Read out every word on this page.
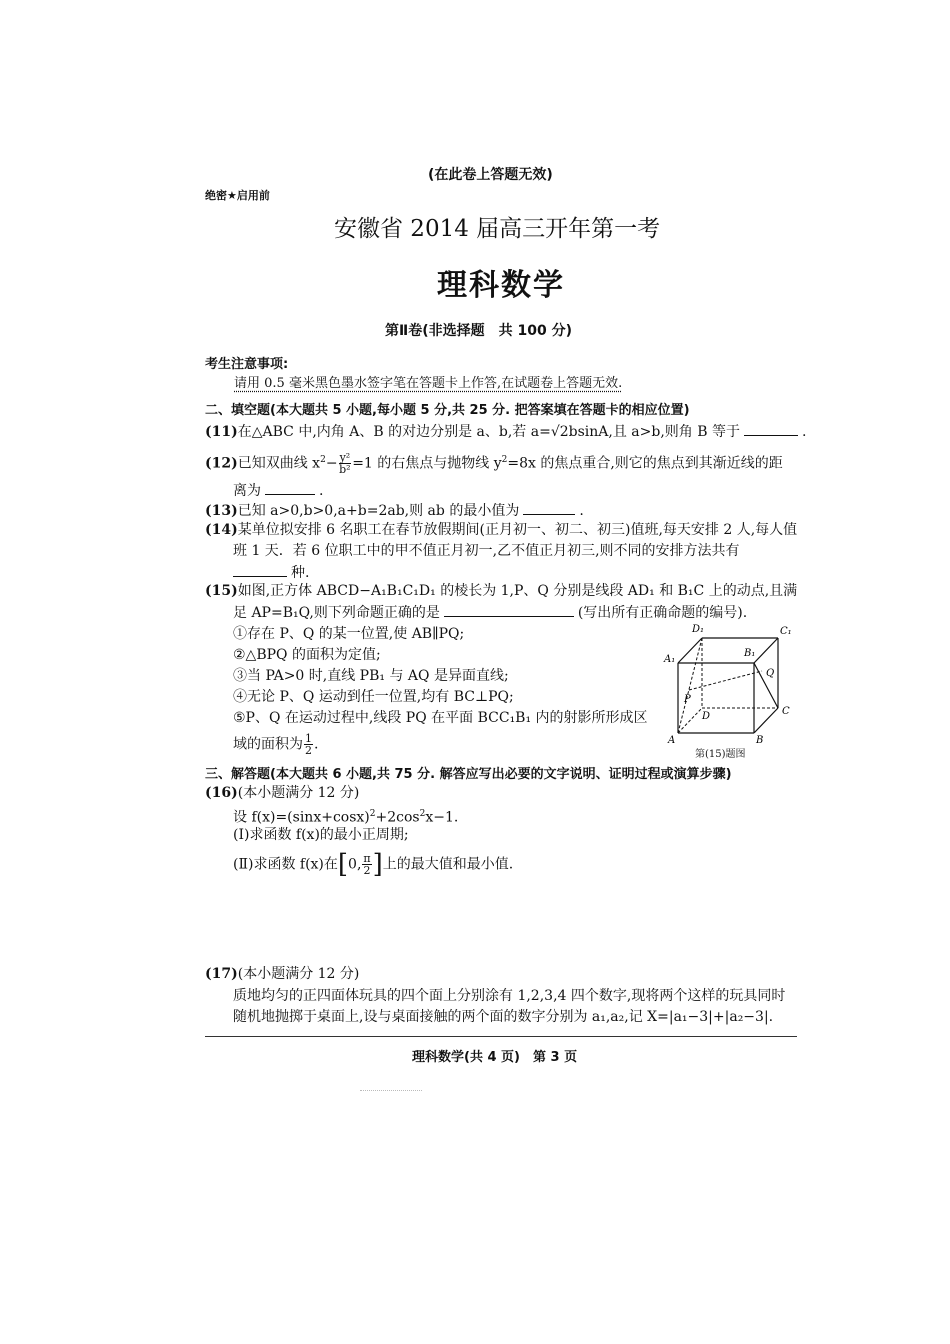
(在此卷上答题无效)
绝密★启用前
安徽省 2014 届高三开年第一考
理科数学
第Ⅱ卷(非选择题　共 100 分)
考生注意事项:
请用 0.5 毫米黑色墨水签字笔在答题卡上作答,在试题卷上答题无效.
二、填空题(本大题共 5 小题,每小题 5 分,共 25 分. 把答案填在答题卡的相应位置)
(11)在△ABC 中,内角 A、B 的对边分别是 a、b,若 a=√2bsinA,且 a>b,则角 B 等于	.
(12)已知双曲线 $x^2- \frac{\text{y²}}{\text{b²}} =1$ 的右焦点与抛物线 $y^2=8x$ 的焦点重合,则它的焦点到其渐近线的距
离为	.
(13)已知 a>0,b>0,a+b=2ab,则 ab 的最小值为	.
(14)某单位拟安排 6 名职工在春节放假期间(正月初一、初二、初三)值班,每天安排 2 人,每人值
班 1 天．若 6 位职工中的甲不值正月初一,乙不值正月初三,则不同的安排方法共有
种.
(15)如图,正方体 ABCD−A₁B₁C₁D₁ 的棱长为 1,P、Q 分别是线段 AD₁ 和 B₁C 上的动点,且满
足 AP=B₁Q,则下列命题正确的是	(写出所有正确命题的编号).
①存在 P、Q 的某一位置,使 AB∥PQ;
②△BPQ 的面积为定值;
③当 PA>0 时,直线 PB₁ 与 AQ 是异面直线;
④无论 P、Q 运动到任一位置,均有 BC⊥PQ;
⑤P、Q 在运动过程中,线段 PQ 在平面 BCC₁B₁ 内的射影所形成区
域的面积为 $\frac{1}{2}$ .
D₁	C₁
A₁
B₁
Q
P
D	C
A	B
第(15)题图
三、解答题(本大题共 6 小题,共 75 分. 解答应写出必要的文字说明、证明过程或演算步骤)
(16)(本小题满分 12 分)
设 $f(x)=(\sin x+\cos x)^2+2\cos^2x-1$.
(Ⅰ)求函数 f(x)的最小正周期;
(Ⅱ)求函数 f(x)在[0, $\frac{\pi}{2}$ ]上的最大值和最小值.
(17)(本小题满分 12 分)
质地均匀的正四面体玩具的四个面上分别涂有 1,2,3,4 四个数字,现将两个这样的玩具同时
随机地抛掷于桌面上,设与桌面接触的两个面的数字分别为 a₁,a₂,记 X=|a₁−3|+|a₂−3|.
理科数学(共 4 页)　第 3 页
